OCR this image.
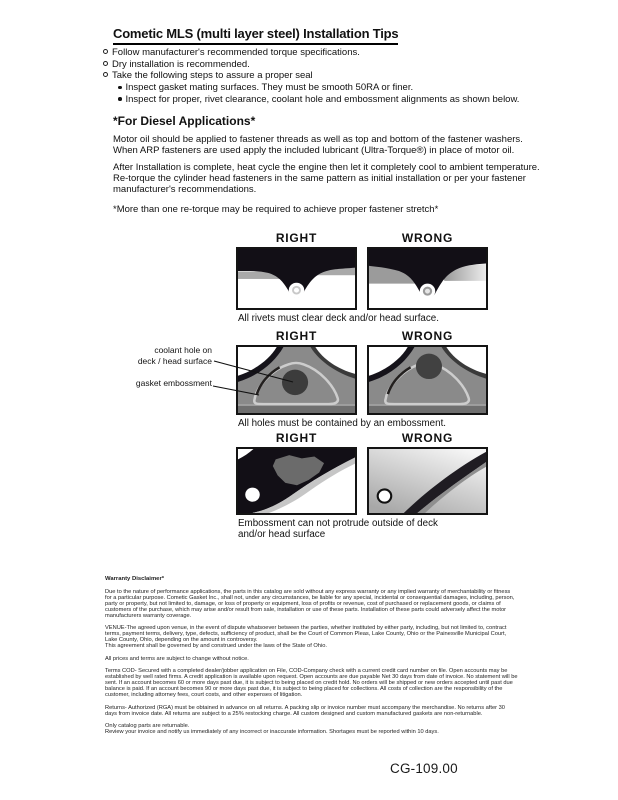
Cometic MLS (multi layer steel) Installation Tips
Follow manufacturer's recommended torque specifications.
Dry installation is recommended.
Take the following steps to assure a proper seal
Inspect gasket mating surfaces. They must be smooth 50RA or finer.
Inspect for proper, rivet clearance, coolant hole and embossment alignments as shown below.
*For Diesel Applications*
Motor oil should be applied to fastener threads as well as top and bottom of the fastener washers. When ARP fasteners are used apply the included lubricant (Ultra-Torque®) in place of motor oil.
After Installation is complete, heat cycle the engine then let it completely cool to ambient temperature. Re-torque the cylinder head fasteners in the same pattern as initial installation or per your fastener manufacturer's recommendations.
*More than one re-torque may be required to achieve proper fastener stretch*
RIGHT	WRONG
All rivets must clear deck and/or head surface.
RIGHT	WRONG
All holes must be contained by an embossment.
RIGHT	WRONG
Embossment can not protrude outside of deck
and/or head surface
coolant hole on
deck / head surface
gasket embossment
Warranty Disclaimer*

Due to the nature of performance applications, the parts in this catalog are sold without any express warranty or any implied warranty of merchantability or fitness for a particular purpose. Cometic Gasket Inc., shall not, under any circumstances, be liable for any special, incidental or consequential damages, including, person, party or property, but not limited to, damage, or loss of property or equipment, loss of profits or revenue, cost of purchased or replacement goods, or claims of customers of the purchase, which may arise and/or result from sale, installation or use of these parts. Installation of these parts could adversely affect the motor manufacturers warranty coverage.

VENUE-The agreed upon venue, in the event of dispute whatsoever between the parties, whether instituted by either party, including, but not limited to, contract terms, payment terms, delivery, type, defects, sufficiency of product, shall be the Court of Common Pleas, Lake County, Ohio or the Painesville Municipal Court, Lake County, Ohio, depending on the amount in controversy.

This agreement shall be governed by and construed under the laws of the State of Ohio.

All prices and terms are subject to change without notice.

Terms COD- Secured with a completed dealer/jobber application on File, COD-Company check with a current credit card number on file. Open accounts may be established by well rated firms. A credit application is available upon request. Open accounts are due payable Net 30 days from date of invoice. No statement will be sent. If an account becomes 60 or more days past due, it is subject to being placed on credit hold. No orders will be shipped or new orders accepted until past due balance is paid. If an account becomes 90 or more days past due, it is subject to being placed for collections. All costs of collection are the responsibility of the customer, including attorney fees, court costs, and other expenses of litigation.

Returns- Authorized (RGA) must be obtained in advance on all returns. A packing slip or invoice number must accompany the merchandise. No returns after 30 days from invoice date. All returns are subject to a 25% restocking charge. All custom designed and custom manufactured gaskets are non-returnable.

Only catalog parts are returnable.

Review your invoice and notify us immediately of any incorrect or inaccurate information. Shortages must be reported within 10 days.

CG-109.00
